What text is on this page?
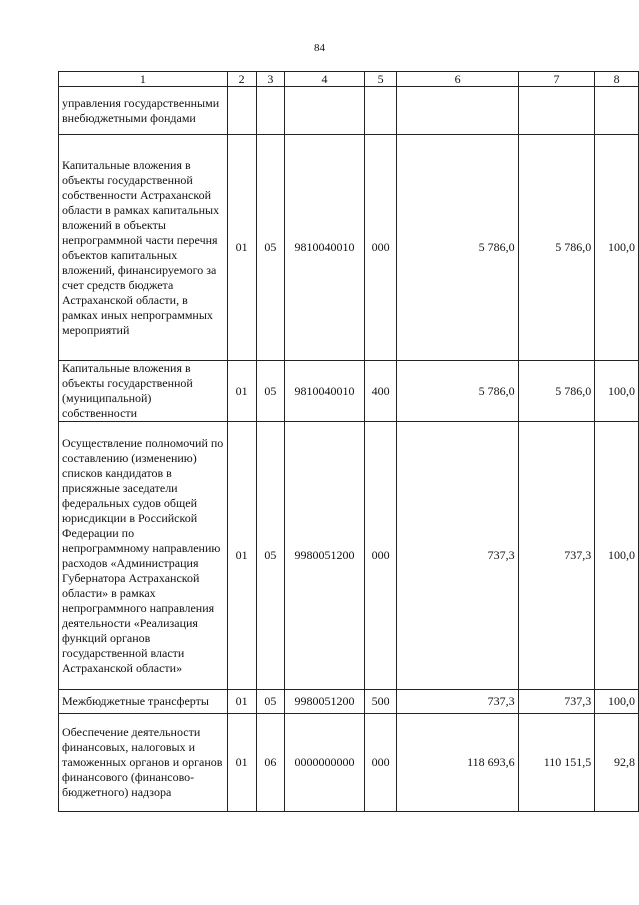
84
1	2	3	4	5	6	7	8
управления государственными внебюджетными фондами							
Капитальные вложения в объекты государственной собственности Астраханской области в рамках капитальных вложений в объекты непрограммной части перечня объектов капитальных вложений, финансируемого за счет средств бюджета Астраханской области, в рамках иных непрограммных мероприятий	01	05	9810040010	000	5 786,0	5 786,0	100,0
Капитальные вложения в объекты государственной (муниципальной) собственности	01	05	9810040010	400	5 786,0	5 786,0	100,0
Осуществление полномочий по составлению (изменению) списков кандидатов в присяжные заседатели федеральных судов общей юрисдикции в Российской Федерации по непрограммному направлению расходов «Администрация Губернатора Астраханской области» в рамках непрограммного направления деятельности «Реализация функций органов государственной власти Астраханской области»	01	05	9980051200	000	737,3	737,3	100,0
Межбюджетные трансферты	01	05	9980051200	500	737,3	737,3	100,0
Обеспечение деятельности финансовых, налоговых и таможенных органов и органов финансового (финансово-бюджетного) надзора	01	06	0000000000	000	118 693,6	110 151,5	92,8
